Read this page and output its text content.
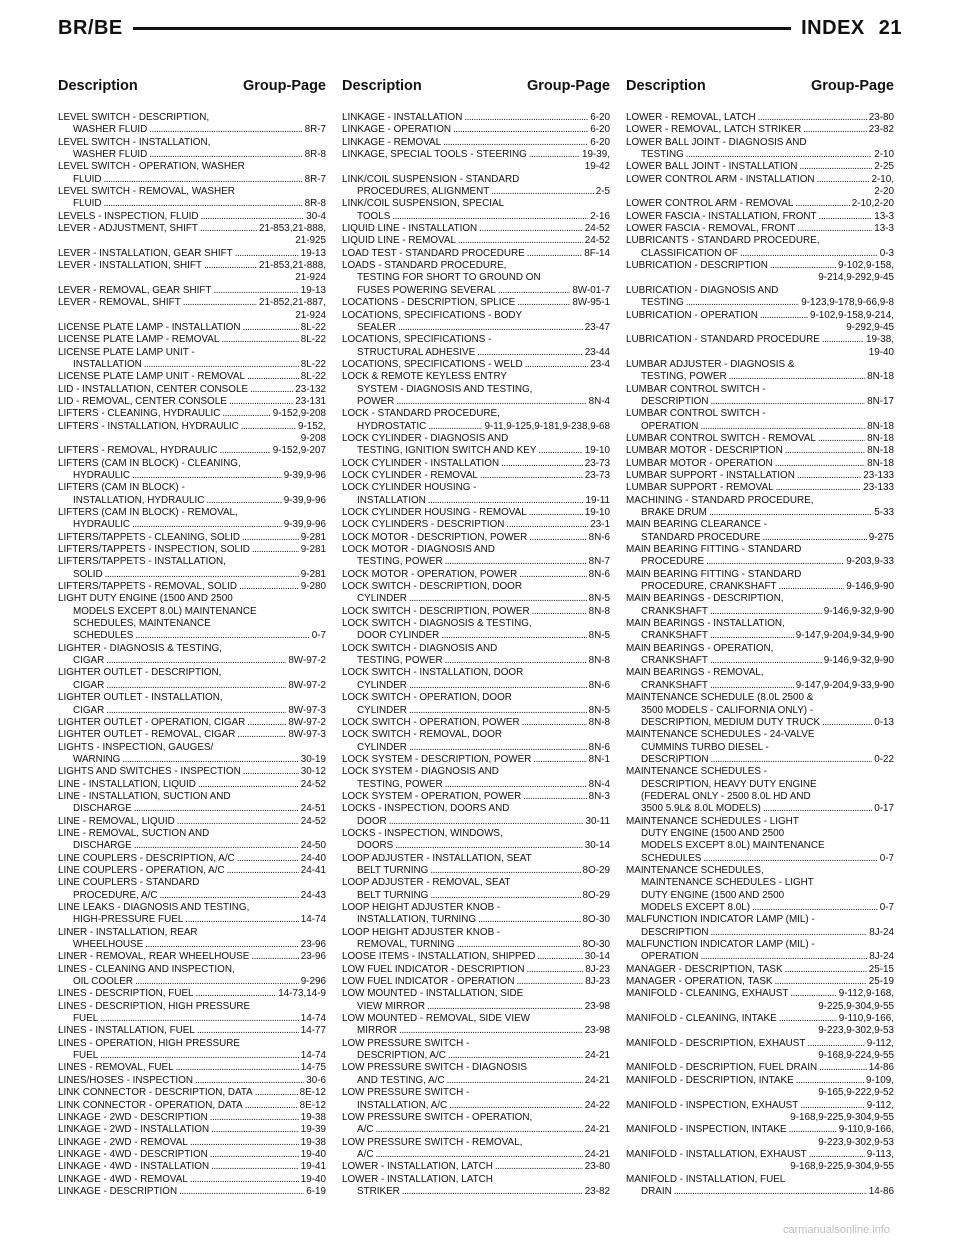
BR/BE	INDEX 21
Description	Group-Page Description	Group-Page Description	Group-Page
LEVEL SWITCH - DESCRIPTION,
WASHER FLUID . . .	8R-7
LEVEL SWITCH - INSTALLATION,
WASHER FLUID . . .	8R-8
LEVEL SWITCH - OPERATION, WASHER
FLUID . . .	8R-7
LEVEL SWITCH - REMOVAL, WASHER
FLUID . . .	8R-8
LEVELS - INSPECTION, FLUID . . .	30-4
LEVER - ADJUSTMENT, SHIFT . . .	21-853,21-888,
21-925
LEVER - INSTALLATION, GEAR SHIFT . . .	19-13
LEVER - INSTALLATION, SHIFT . . .	21-853,21-888,
21-924
LEVER - REMOVAL, GEAR SHIFT . . .	19-13
LEVER - REMOVAL, SHIFT . . .	21-852,21-887,
21-924
LICENSE PLATE LAMP - INSTALLATION . . .	8L-22
LICENSE PLATE LAMP - REMOVAL . . .	8L-22
LICENSE PLATE LAMP UNIT -
INSTALLATION . . .	8L-22
LICENSE PLATE LAMP UNIT - REMOVAL . . .	8L-22
LID - INSTALLATION, CENTER CONSOLE . . .	23-132
LID - REMOVAL, CENTER CONSOLE . . .	23-131
LIFTERS - CLEANING, HYDRAULIC . . .	9-152,9-208
LIFTERS - INSTALLATION, HYDRAULIC . . .	9-152,
9-208
LIFTERS - REMOVAL, HYDRAULIC . . .	9-152,9-207
LIFTERS (CAM IN BLOCK) - CLEANING,
HYDRAULIC . . .	9-39,9-96
LIFTERS (CAM IN BLOCK) -
INSTALLATION, HYDRAULIC . . .	9-39,9-96
LIFTERS (CAM IN BLOCK) - REMOVAL,
HYDRAULIC . . .	9-39,9-96
LIFTERS/TAPPETS - CLEANING, SOLID . . .	9-281
LIFTERS/TAPPETS - INSPECTION, SOLID . . .	9-281
LIFTERS/TAPPETS - INSTALLATION,
SOLID . . .	9-281
LIFTERS/TAPPETS - REMOVAL, SOLID . . .	9-280
LIGHT DUTY ENGINE (1500 AND 2500
MODELS EXCEPT 8.0L) MAINTENANCE
SCHEDULES, MAINTENANCE
SCHEDULES . . .	0-7
LIGHTER - DIAGNOSIS & TESTING,
CIGAR . . .	8W-97-2
LIGHTER OUTLET - DESCRIPTION,
CIGAR . . .	8W-97-2
LIGHTER OUTLET - INSTALLATION,
CIGAR . . .	8W-97-3
LIGHTER OUTLET - OPERATION, CIGAR . . .	8W-97-2
LIGHTER OUTLET - REMOVAL, CIGAR . . .	8W-97-3
LIGHTS - INSPECTION, GAUGES/
WARNING . . .	30-19
LIGHTS AND SWITCHES - INSPECTION . . .	30-12
LINE - INSTALLATION, LIQUID . . .	24-52
LINE - INSTALLATION, SUCTION AND
DISCHARGE . . .	24-51
LINE - REMOVAL, LIQUID . . .	24-52
LINE - REMOVAL, SUCTION AND
DISCHARGE . . .	24-50
LINE COUPLERS - DESCRIPTION, A/C . . .	24-40
LINE COUPLERS - OPERATION, A/C . . .	24-41
LINE COUPLERS - STANDARD
PROCEDURE, A/C . . .	24-43
LINE LEAKS - DIAGNOSIS AND TESTING,
HIGH-PRESSURE FUEL . . .	14-74
LINER - INSTALLATION, REAR
WHEELHOUSE . . .	23-96
LINER - REMOVAL, REAR WHEELHOUSE . . .	23-96
LINES - CLEANING AND INSPECTION,
OIL COOLER . . .	9-296
LINES - DESCRIPTION, FUEL . . .	14-73,14-9
LINES - DESCRIPTION, HIGH PRESSURE
FUEL . . .	14-74
LINES - INSTALLATION, FUEL . . .	14-77
LINES - OPERATION, HIGH PRESSURE
FUEL . . .	14-74
LINES - REMOVAL, FUEL . . .	14-75
LINES/HOSES - INSPECTION . . .	30-6
LINK CONNECTOR - DESCRIPTION, DATA . . .	8E-12
LINK CONNECTOR - OPERATION, DATA . . .	8E-12
LINKAGE - 2WD - DESCRIPTION . . .	19-38
LINKAGE - 2WD - INSTALLATION . . .	19-39
LINKAGE - 2WD - REMOVAL . . .	19-38
LINKAGE - 4WD - DESCRIPTION . . .	19-40
LINKAGE - 4WD - INSTALLATION . . .	19-41
LINKAGE - 4WD - REMOVAL . . .	19-40
LINKAGE - DESCRIPTION . . .	6-19
LINKAGE - INSTALLATION . . .	6-20
LINKAGE - OPERATION . . .	6-20
LINKAGE - REMOVAL . . .	6-20
LINKAGE, SPECIAL TOOLS - STEERING . . .	19-39,
19-42
LINK/COIL SUSPENSION - STANDARD
PROCEDURES, ALIGNMENT . . .	2-5
LINK/COIL SUSPENSION, SPECIAL
TOOLS . . .	2-16
LIQUID LINE - INSTALLATION . . .	24-52
LIQUID LINE - REMOVAL . . .	24-52
LOAD TEST - STANDARD PROCEDURE . . .	8F-14
LOADS - STANDARD PROCEDURE,
TESTING FOR SHORT TO GROUND ON
FUSES POWERING SEVERAL . . .	8W-01-7
LOCATIONS - DESCRIPTION, SPLICE . . .	8W-95-1
LOCATIONS, SPECIFICATIONS - BODY
SEALER . . .	23-47
LOCATIONS, SPECIFICATIONS -
STRUCTURAL ADHESIVE . . .	23-44
LOCATIONS, SPECIFICATIONS - WELD . . .	23-4
LOCK & REMOTE KEYLESS ENTRY
SYSTEM - DIAGNOSIS AND TESTING,
POWER . . .	8N-4
LOCK - STANDARD PROCEDURE,
HYDROSTATIC . . .	9-11,9-125,9-181,9-238,9-68
LOCK CYLINDER - DIAGNOSIS AND
TESTING, IGNITION SWITCH AND KEY . . .	19-10
LOCK CYLINDER - INSTALLATION . . .	23-73
LOCK CYLINDER - REMOVAL . . .	23-73
LOCK CYLINDER HOUSING -
INSTALLATION . . .	19-11
LOCK CYLINDER HOUSING - REMOVAL . . .	19-10
LOCK CYLINDERS - DESCRIPTION . . .	23-1
LOCK MOTOR - DESCRIPTION, POWER . . .	8N-6
LOCK MOTOR - DIAGNOSIS AND
TESTING, POWER . . .	8N-7
LOCK MOTOR - OPERATION, POWER . . .	8N-6
LOCK SWITCH - DESCRIPTION, DOOR
CYLINDER . . .	8N-5
LOCK SWITCH - DESCRIPTION, POWER . . .	8N-8
LOCK SWITCH - DIAGNOSIS & TESTING,
DOOR CYLINDER . . .	8N-5
LOCK SWITCH - DIAGNOSIS AND
TESTING, POWER . . .	8N-8
LOCK SWITCH - INSTALLATION, DOOR
CYLINDER . . .	8N-6
LOCK SWITCH - OPERATION, DOOR
CYLINDER . . .	8N-5
LOCK SWITCH - OPERATION, POWER . . .	8N-8
LOCK SWITCH - REMOVAL, DOOR
CYLINDER . . .	8N-6
LOCK SYSTEM - DESCRIPTION, POWER . . .	8N-1
LOCK SYSTEM - DIAGNOSIS AND
TESTING, POWER . . .	8N-4
LOCK SYSTEM - OPERATION, POWER . . .	8N-3
LOCKS - INSPECTION, DOORS AND
DOOR . . .	30-11
LOCKS - INSPECTION, WINDOWS,
DOORS . . .	30-14
LOOP ADJUSTER - INSTALLATION, SEAT
BELT TURNING . . .	8O-29
LOOP ADJUSTER - REMOVAL, SEAT
BELT TURNING . . .	8O-29
LOOP HEIGHT ADJUSTER KNOB -
INSTALLATION, TURNING . . .	8O-30
LOOP HEIGHT ADJUSTER KNOB -
REMOVAL, TURNING . . .	8O-30
LOOSE ITEMS - INSTALLATION, SHIPPED . . .	30-14
LOW FUEL INDICATOR - DESCRIPTION . . .	8J-23
LOW FUEL INDICATOR - OPERATION . . .	8J-23
LOW MOUNTED - INSTALLATION, SIDE
VIEW MIRROR . . .	23-98
LOW MOUNTED - REMOVAL, SIDE VIEW
MIRROR . . .	23-98
LOW PRESSURE SWITCH -
DESCRIPTION, A/C . . .	24-21
LOW PRESSURE SWITCH - DIAGNOSIS
AND TESTING, A/C . . .	24-21
LOW PRESSURE SWITCH -
INSTALLATION, A/C . . .	24-22
LOW PRESSURE SWITCH - OPERATION,
A/C . . .	24-21
LOW PRESSURE SWITCH - REMOVAL,
A/C . . .	24-21
LOWER - INSTALLATION, LATCH . . .	23-80
LOWER - INSTALLATION, LATCH
STRIKER . . .	23-82
LOWER - REMOVAL, LATCH . . .	23-80
LOWER - REMOVAL, LATCH STRIKER . . .	23-82
LOWER BALL JOINT - DIAGNOSIS AND
TESTING . . .	2-10
LOWER BALL JOINT - INSTALLATION . . .	2-25
LOWER CONTROL ARM - INSTALLATION . . .	2-10,
2-20
LOWER CONTROL ARM - REMOVAL . . .	2-10,2-20
LOWER FASCIA - INSTALLATION, FRONT . . .	13-3
LOWER FASCIA - REMOVAL, FRONT . . .	13-3
LUBRICANTS - STANDARD PROCEDURE,
CLASSIFICATION OF . . .	0-3
LUBRICATION - DESCRIPTION . . .	9-102,9-158,
9-214,9-292,9-45
LUBRICATION - DIAGNOSIS AND
TESTING . . .	9-123,9-178,9-66,9-8
LUBRICATION - OPERATION . . .	9-102,9-158,9-214,
9-292,9-45
LUBRICATION - STANDARD PROCEDURE . . .	19-38,
19-40
LUMBAR ADJUSTER - DIAGNOSIS &
TESTING, POWER . . .	8N-18
LUMBAR CONTROL SWITCH -
DESCRIPTION . . .	8N-17
LUMBAR CONTROL SWITCH -
OPERATION . . .	8N-18
LUMBAR CONTROL SWITCH - REMOVAL . . .	8N-18
LUMBAR MOTOR - DESCRIPTION . . .	8N-18
LUMBAR MOTOR - OPERATION . . .	8N-18
LUMBAR SUPPORT - INSTALLATION . . .	23-133
LUMBAR SUPPORT - REMOVAL . . .	23-133
MACHINING - STANDARD PROCEDURE,
BRAKE DRUM . . .	5-33
MAIN BEARING CLEARANCE -
STANDARD PROCEDURE . . .	9-275
MAIN BEARING FITTING - STANDARD
PROCEDURE . . .	9-203,9-33
MAIN BEARING FITTING - STANDARD
PROCEDURE, CRANKSHAFT . . .	9-146,9-90
MAIN BEARINGS - DESCRIPTION,
CRANKSHAFT . . .	9-146,9-32,9-90
MAIN BEARINGS - INSTALLATION,
CRANKSHAFT . . .	9-147,9-204,9-34,9-90
MAIN BEARINGS - OPERATION,
CRANKSHAFT . . .	9-146,9-32,9-90
MAIN BEARINGS - REMOVAL,
CRANKSHAFT . . .	9-147,9-204,9-33,9-90
MAINTENANCE SCHEDULE (8.0L 2500 &
3500 MODELS - CALIFORNIA ONLY) -
DESCRIPTION, MEDIUM DUTY TRUCK . . .	0-13
MAINTENANCE SCHEDULES - 24-VALVE
CUMMINS TURBO DIESEL -
DESCRIPTION . . .	0-22
MAINTENANCE SCHEDULES -
DESCRIPTION, HEAVY DUTY ENGINE
(FEDERAL ONLY - 2500 8.0L HD AND
3500 5.9L& 8.0L MODELS) . . .	0-17
MAINTENANCE SCHEDULES - LIGHT
DUTY ENGINE (1500 AND 2500
MODELS EXCEPT 8.0L) MAINTENANCE
SCHEDULES . . .	0-7
MAINTENANCE SCHEDULES,
MAINTENANCE SCHEDULES - LIGHT
DUTY ENGINE (1500 AND 2500
MODELS EXCEPT 8.0L) . . .	0-7
MALFUNCTION INDICATOR LAMP (MIL) -
DESCRIPTION . . .	8J-24
MALFUNCTION INDICATOR LAMP (MIL) -
OPERATION . . .	8J-24
MANAGER - DESCRIPTION, TASK . . .	25-15
MANAGER - OPERATION, TASK . . .	25-19
MANIFOLD - CLEANING, EXHAUST . . .	9-112,9-168,
9-225,9-304,9-55
MANIFOLD - CLEANING, INTAKE . . .	9-110,9-166,
9-223,9-302,9-53
MANIFOLD - DESCRIPTION, EXHAUST . . .	9-112,
9-168,9-224,9-55
MANIFOLD - DESCRIPTION, FUEL DRAIN . . .	14-86
MANIFOLD - DESCRIPTION, INTAKE . . .	9-109,
9-165,9-222,9-52
MANIFOLD - INSPECTION, EXHAUST . . .	9-112,
9-168,9-225,9-304,9-55
MANIFOLD - INSPECTION, INTAKE . . .	9-110,9-166,
9-223,9-302,9-53
MANIFOLD - INSTALLATION, EXHAUST . . .	9-113,
9-168,9-225,9-304,9-55
MANIFOLD - INSTALLATION, FUEL
DRAIN . . .	14-86
carmanualsonline.info
